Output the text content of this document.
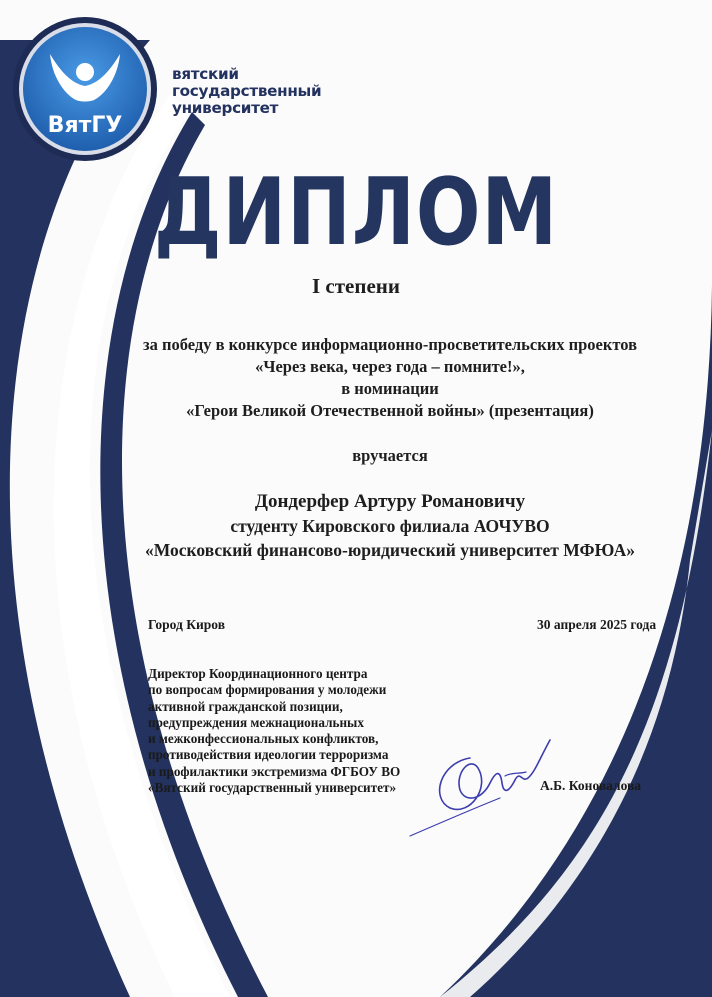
ВятГУ
вятский
государственный
университет
ДИПЛОМ
I степени
за победу в конкурсе информационно-просветительских проектов
«Через века, через года – помните!»,
в номинации
«Герои Великой Отечественной войны» (презентация)
вручается
Дондерфер Артуру Романовичу
студенту Кировского филиала АОЧУВО
«Московский финансово-юридический университет МФЮА»
Город Киров	30 апреля 2025 года
Директор Координационного центра
по вопросам формирования у молодежи
активной гражданской позиции,
предупреждения межнациональных
и межконфессиональных конфликтов,
противодействия идеологии терроризма
и профилактики экстремизма ФГБОУ ВО
«Вятский государственный университет»	А.Б. Коновалова
